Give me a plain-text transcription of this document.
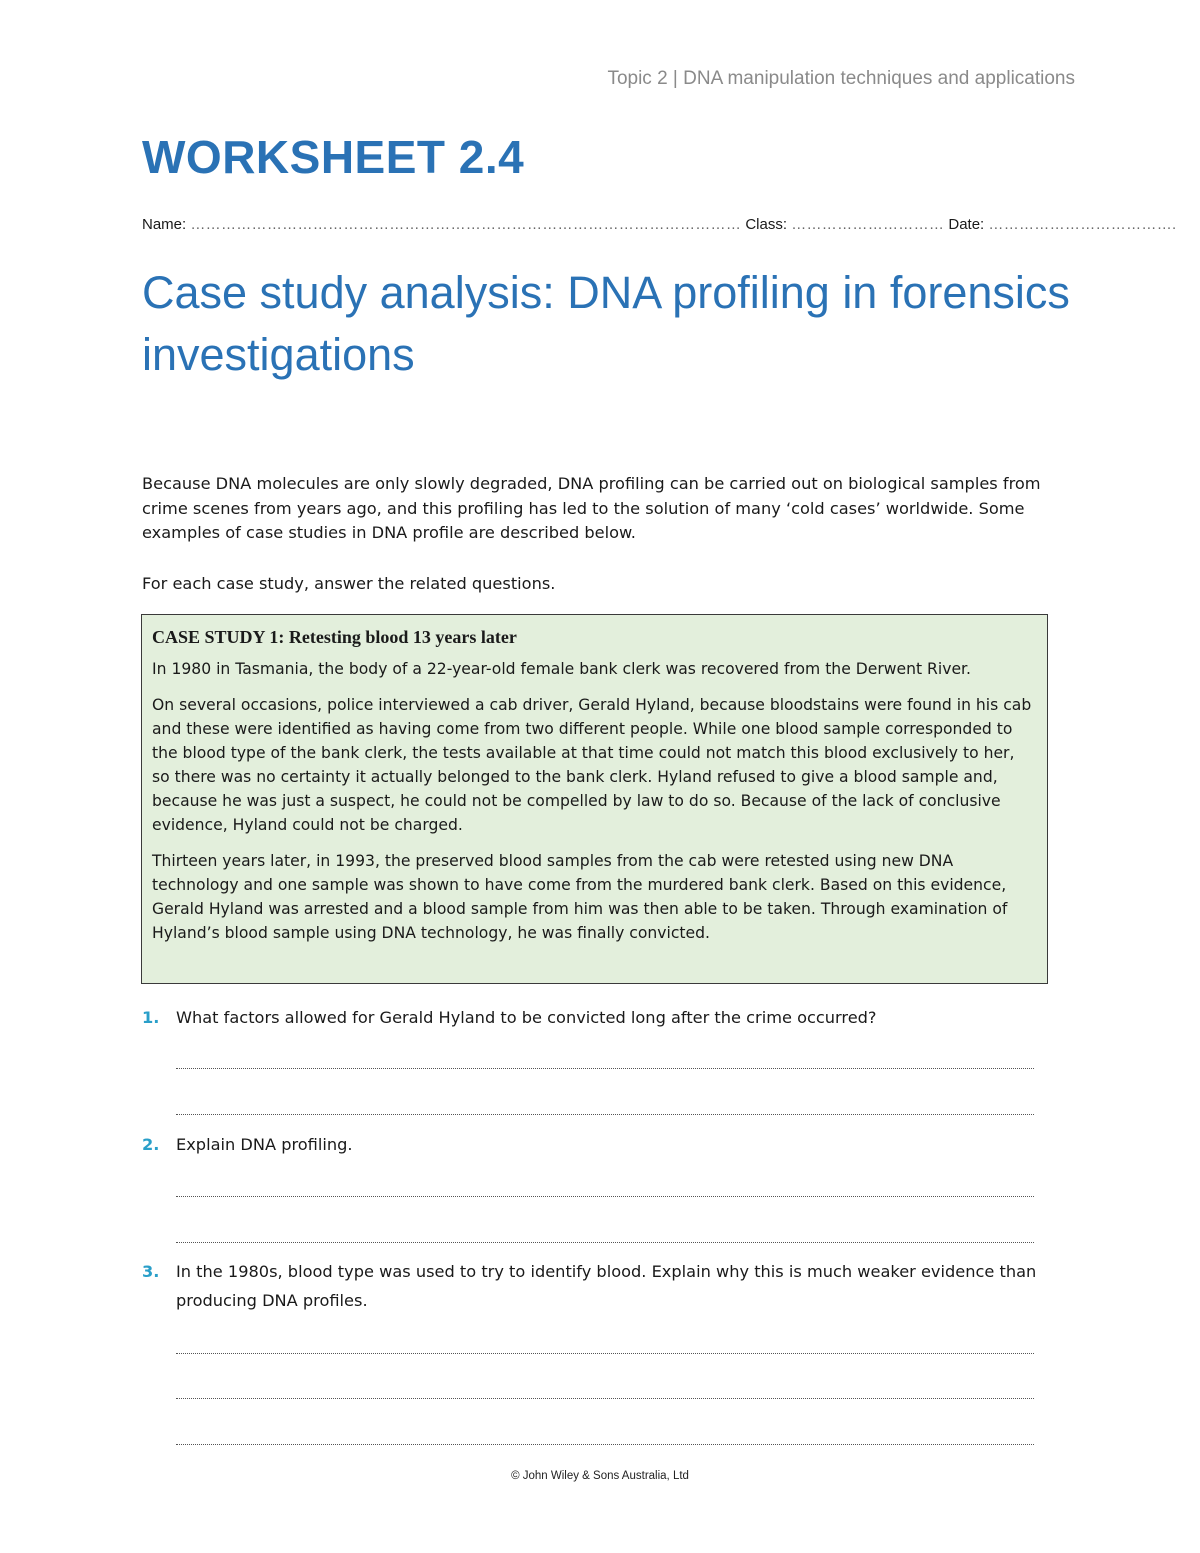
Topic 2 | DNA manipulation techniques and applications
WORKSHEET 2.4
Name: ……………………………………………………………………………………………… Class: ………………………… Date: ……………………………….
Case study analysis: DNA profiling in forensics investigations

Because DNA molecules are only slowly degraded, DNA profiling can be carried out on biological samples from crime scenes from years ago, and this profiling has led to the solution of many ‘cold cases’ worldwide. Some examples of case studies in DNA profile are described below.

For each case study, answer the related questions.

CASE STUDY 1: Retesting blood 13 years later

In 1980 in Tasmania, the body of a 22-year-old female bank clerk was recovered from the Derwent River.

On several occasions, police interviewed a cab driver, Gerald Hyland, because bloodstains were found in his cab and these were identified as having come from two different people. While one blood sample corresponded to the blood type of the bank clerk, the tests available at that time could not match this blood exclusively to her, so there was no certainty it actually belonged to the bank clerk. Hyland refused to give a blood sample and, because he was just a suspect, he could not be compelled by law to do so. Because of the lack of conclusive evidence, Hyland could not be charged.

Thirteen years later, in 1993, the preserved blood samples from the cab were retested using new DNA technology and one sample was shown to have come from the murdered bank clerk. Based on this evidence, Gerald Hyland was arrested and a blood sample from him was then able to be taken. Through examination of Hyland’s blood sample using DNA technology, he was finally convicted.

1. What factors allowed for Gerald Hyland to be convicted long after the crime occurred?
2. Explain DNA profiling.
3. In the 1980s, blood type was used to try to identify blood. Explain why this is much weaker evidence than producing DNA profiles.
© John Wiley & Sons Australia, Ltd
